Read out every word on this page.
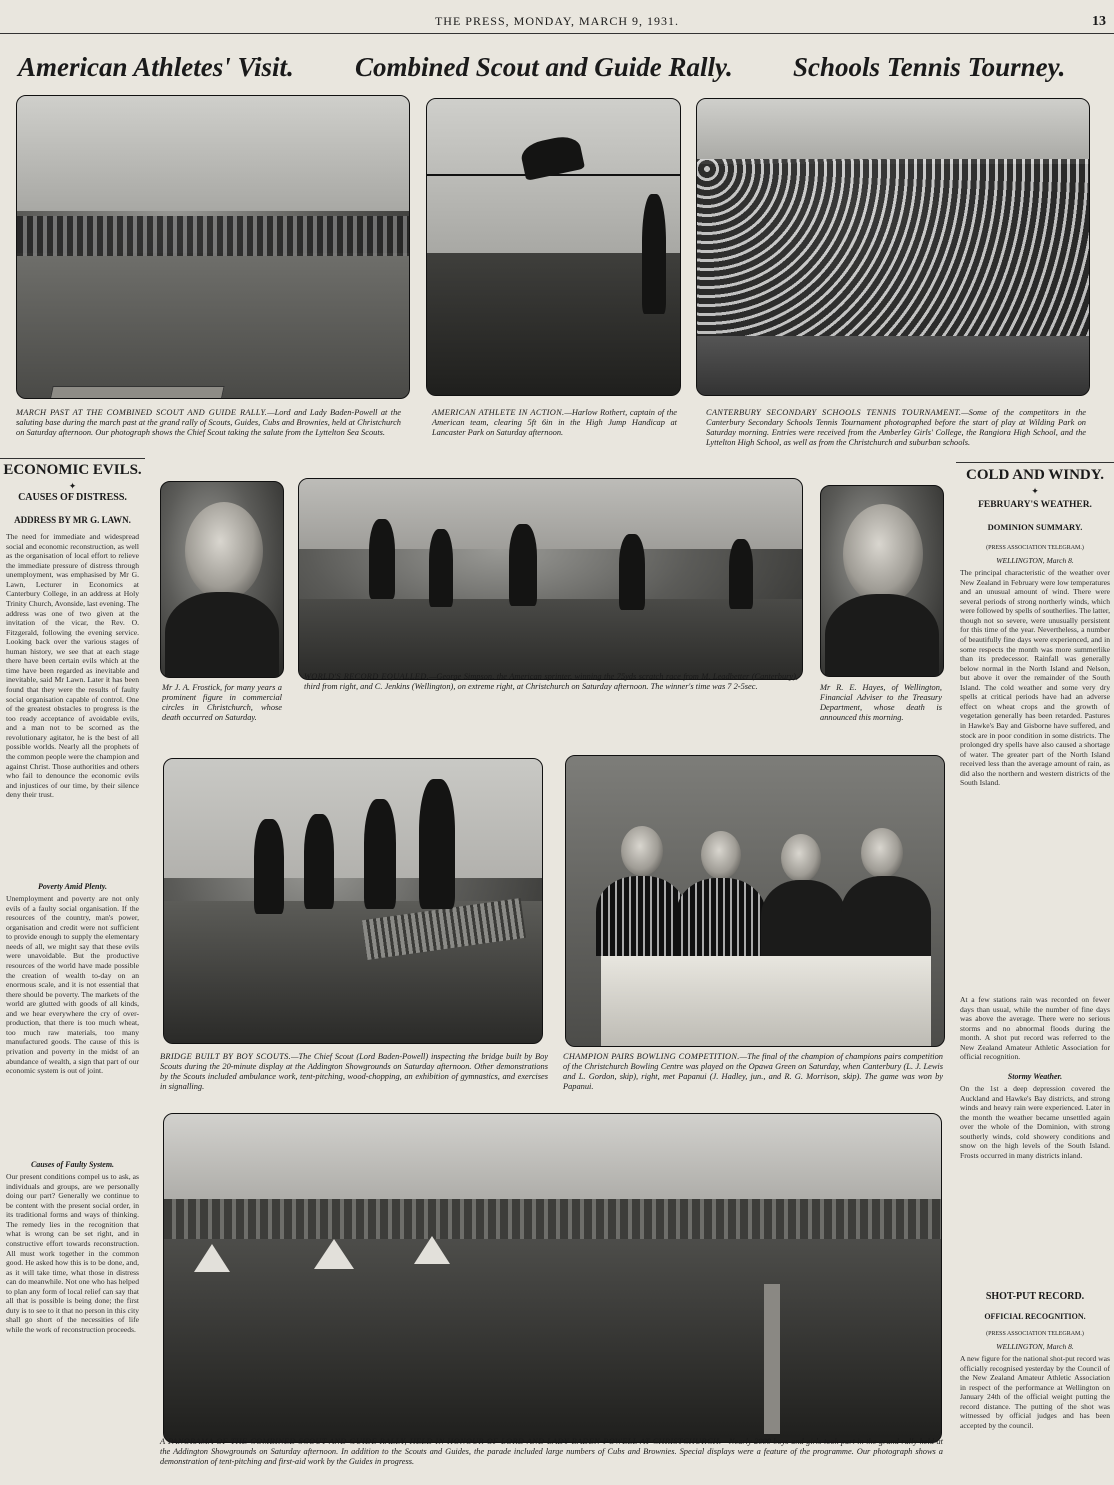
THE PRESS, MONDAY, MARCH 9, 1931.	13
American Athletes' Visit. Combined Scout and Guide Rally. Schools Tennis Tourney.
MARCH PAST AT THE COMBINED SCOUT AND GUIDE RALLY.—Lord and Lady Baden-Powell at the saluting base during the march past at the grand rally of Scouts, Guides, Cubs and Brownies, held at Christchurch on Saturday afternoon. Our photograph shows the Chief Scout taking the salute from the Lyttelton Sea Scouts.
AMERICAN ATHLETE IN ACTION.—Harlow Rothert, captain of the American team, clearing 5ft 6in in the High Jump Handicap at Lancaster Park on Saturday afternoon.
CANTERBURY SECONDARY SCHOOLS TENNIS TOURNAMENT.—Some of the competitors in the Canterbury Secondary Schools Tennis Tournament photographed before the start of play at Wilding Park on Saturday morning. Entries were received from the Amberley Girls' College, the Rangiora High School, and the Lyttelton High School, as well as from the Christchurch and suburban schools.
ECONOMIC EVILS.
✦
CAUSES OF DISTRESS.
ADDRESS BY MR G. LAWN.
The need for immediate and widespread social and economic reconstruction, as well as the organisation of local effort to relieve the immediate pressure of distress through unemployment, was emphasised by Mr G. Lawn, Lecturer in Economics at Canterbury College, in an address at Holy Trinity Church, Avonside, last evening. The address was one of two given at the invitation of the vicar, the Rev. O. Fitzgerald, following the evening service. Looking back over the various stages of human history, we see that at each stage there have been certain evils which at the time have been regarded as inevitable and inevitable, said Mr Lawn. Later it has been found that they were the results of faulty social organisation capable of control. One of the greatest obstacles to progress is the too ready acceptance of avoidable evils, and a man not to be scorned as the revolutionary agitator, he is the best of all possible worlds. Nearly all the prophets of the common people were the champion and against Christ. Those authorities and others who fail to denounce the economic evils and injustices of our time, by their silence deny their trust.
Poverty Amid Plenty.
Unemployment and poverty are not only evils of a faulty social organisation. If the resources of the country, man's power, organisation and credit were not sufficient to provide enough to supply the elementary needs of all, we might say that these evils were unavoidable. But the productive resources of the world have made possible the creation of wealth to-day on an enormous scale, and it is not essential that there should be poverty. The markets of the world are glutted with goods of all kinds, and we hear everywhere the cry of over-production, that there is too much wheat, too much raw materials, too many manufactured goods. The cause of this is privation and poverty in the midst of an abundance of wealth, a sign that part of our economic system is out of joint.
Causes of Faulty System.
Our present conditions compel us to ask, as individuals and groups, are we personally doing our part? Generally we continue to be content with the present social order, in its traditional forms and ways of thinking. The remedy lies in the recognition that what is wrong can be set right, and in constructive effort towards reconstruction. All must work together in the common good. He asked how this is to be done, and, as it will take time, what those in distress can do meanwhile. Not one who has helped to plan any form of local relief can say that all that is possible is being done; the first duty is to see to it that no person in this city shall go short of the necessities of life while the work of reconstruction proceeds.
Mr J. A. Frostick, for many years a prominent figure in commercial circles in Christchurch, whose death occurred on Saturday.
WORLD'S RECORD EQUALLED.—George Simpson, the American sprinter, winning the 75yds scratch race from M. Leadbetter (Canterbury), third from right, and C. Jenkins (Wellington), on extreme right, at Christchurch on Saturday afternoon. The winner's time was 7 2-5sec.	Mr R. E. Hayes, of Wellington, Financial Adviser to the Treasury Department, whose death is announced this morning.
COLD AND WINDY.
✦
FEBRUARY'S WEATHER.
DOMINION SUMMARY.
(PRESS ASSOCIATION TELEGRAM.)
WELLINGTON, March 8.
The principal characteristic of the weather over New Zealand in February were low temperatures and an unusual amount of wind. There were several periods of strong northerly winds, which were followed by spells of southerlies. The latter, though not so severe, were unusually persistent for this time of the year. Nevertheless, a number of beautifully fine days were experienced, and in some respects the month was more summerlike than its predecessor. Rainfall was generally below normal in the North Island and Nelson, but above it over the remainder of the South Island. The cold weather and some very dry spells at critical periods have had an adverse effect on wheat crops and the growth of vegetation generally has been retarded. Pastures in Hawke's Bay and Gisborne have suffered, and stock are in poor condition in some districts. The prolonged dry spells have also caused a shortage of water. The greater part of the North Island received less than the average amount of rain, as did also the northern and western districts of the South Island.
At a few stations rain was recorded on fewer days than usual, while the number of fine days was above the average. There were no serious storms and no abnormal floods during the month. A shot put record was referred to the New Zealand Amateur Athletic Association for official recognition.
Stormy Weather.
On the 1st a deep depression covered the Auckland and Hawke's Bay districts, and strong winds and heavy rain were experienced. Later in the month the weather became unsettled again over the whole of the Dominion, with strong southerly winds, cold showery conditions and snow on the high levels of the South Island. Frosts occurred in many districts inland.
SHOT-PUT RECORD.
OFFICIAL RECOGNITION.
(PRESS ASSOCIATION TELEGRAM.)
WELLINGTON, March 8.
A new figure for the national shot-put record was officially recognised yesterday by the Council of the New Zealand Amateur Athletic Association in respect of the performance at Wellington on January 24th of the official weight putting the record distance. The putting of the shot was witnessed by official judges and has been accepted by the council.
BRIDGE BUILT BY BOY SCOUTS.—The Chief Scout (Lord Baden-Powell) inspecting the bridge built by Boy Scouts during the 20-minute display at the Addington Showgrounds on Saturday afternoon. Other demonstrations by the Scouts included ambulance work, tent-pitching, wood-chopping, an exhibition of gymnastics, and exercises in signalling.
CHAMPION PAIRS BOWLING COMPETITION.—The final of the champion of champions pairs competition of the Christchurch Bowling Centre was played on the Opawa Green on Saturday, when Canterbury (L. J. Lewis and L. Gordon, skip), right, met Papanui (J. Hadley, jun., and R. G. Morrison, skip). The game was won by Papanui.
A PANORAMA OF THE COMBINED SCOUT AND GUIDE RALLY, HELD IN HONOUR OF LORD AND LADY BADEN-POWELL AT CHRISTCHURCH.—Nearly 2000 boys and girls took part in the grand rally held at the Addington Showgrounds on Saturday afternoon. In addition to the Scouts and Guides, the parade included large numbers of Cubs and Brownies. Special displays were a feature of the programme. Our photograph shows a demonstration of tent-pitching and first-aid work by the Guides in progress.
